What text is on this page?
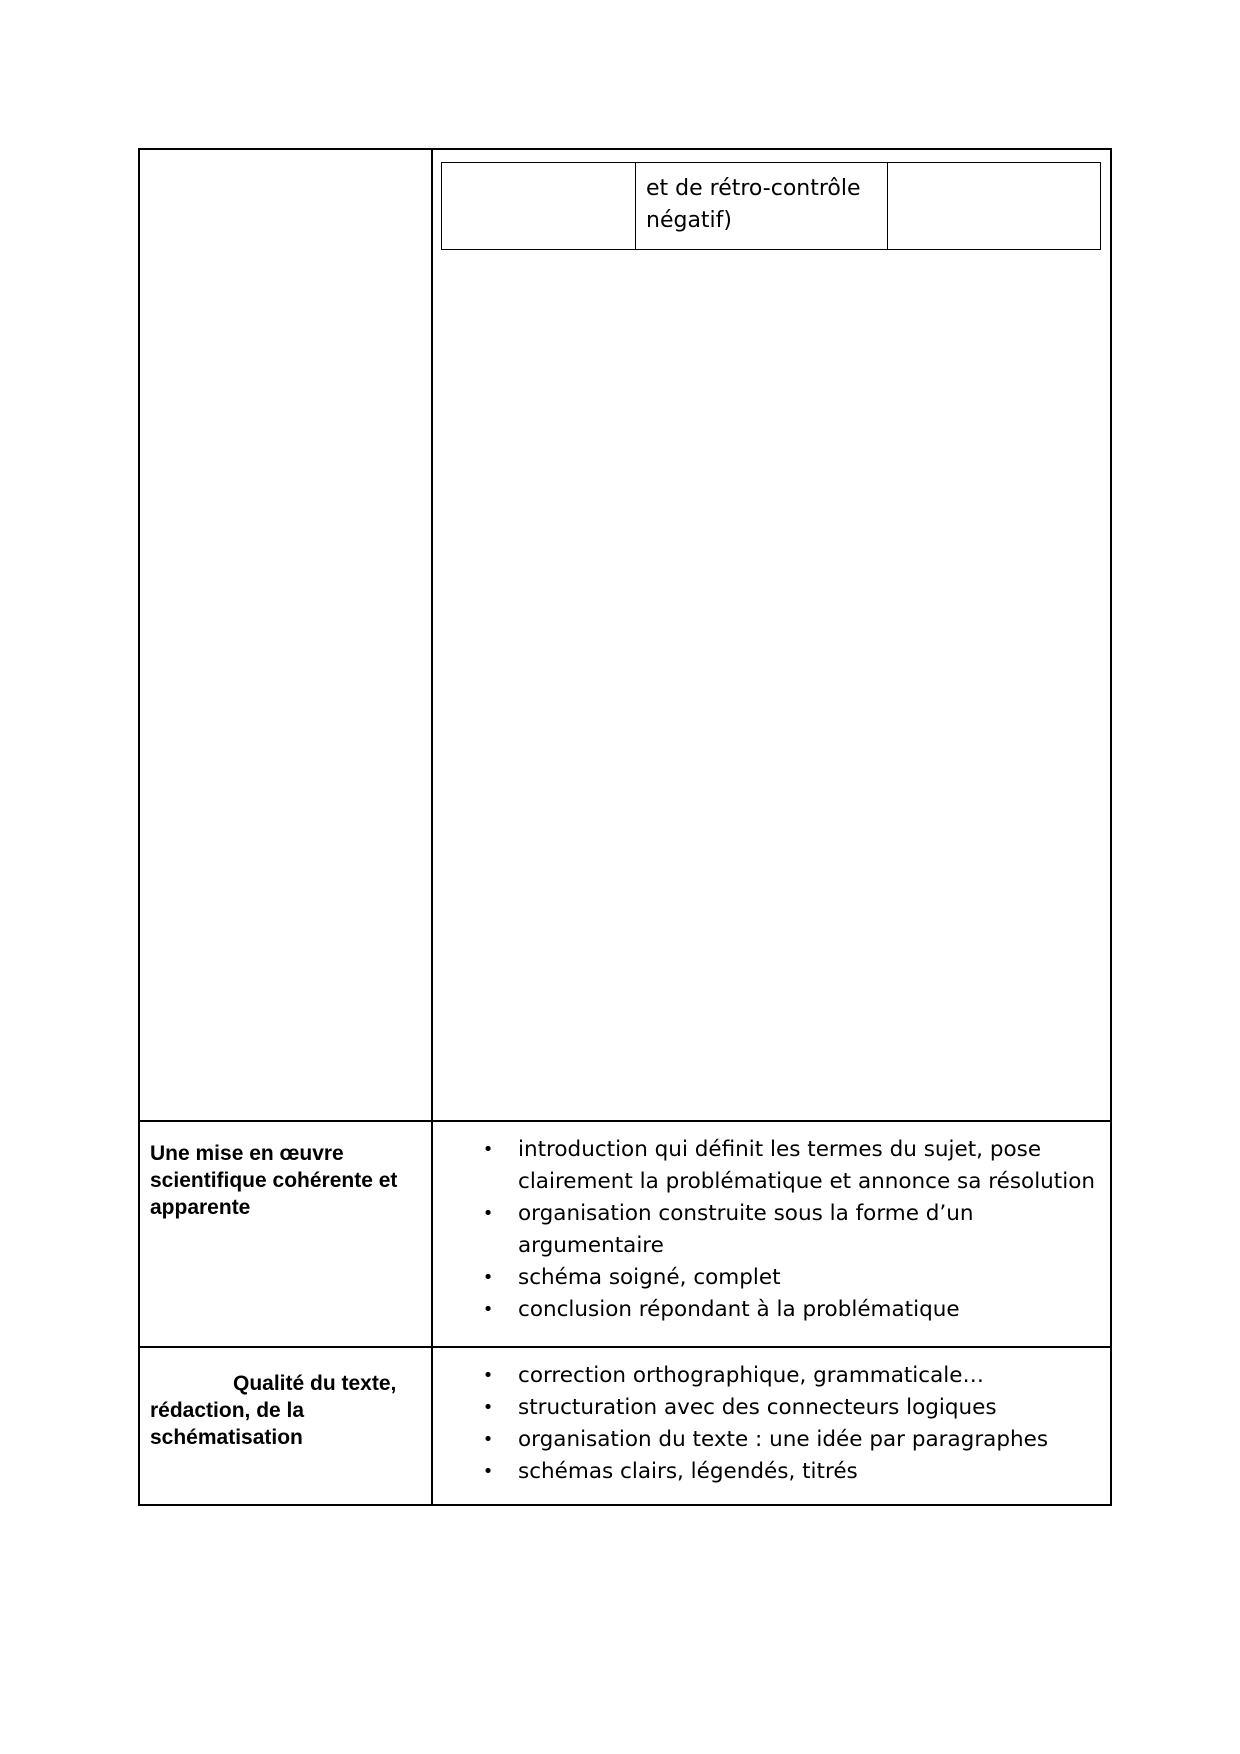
et de rétro-contrôle
négatif)
Une mise en œuvre
scientifique cohérente et
apparente
• introduction qui définit les termes du sujet, pose clairement la problématique et annonce sa résolution
• organisation construite sous la forme d’un argumentaire
• schéma soigné, complet
• conclusion répondant à la problématique
Qualité du texte,
rédaction, de la
schématisation
• correction orthographique, grammaticale…
• structuration avec des connecteurs logiques
• organisation du texte : une idée par paragraphes
• schémas clairs, légendés, titrés
